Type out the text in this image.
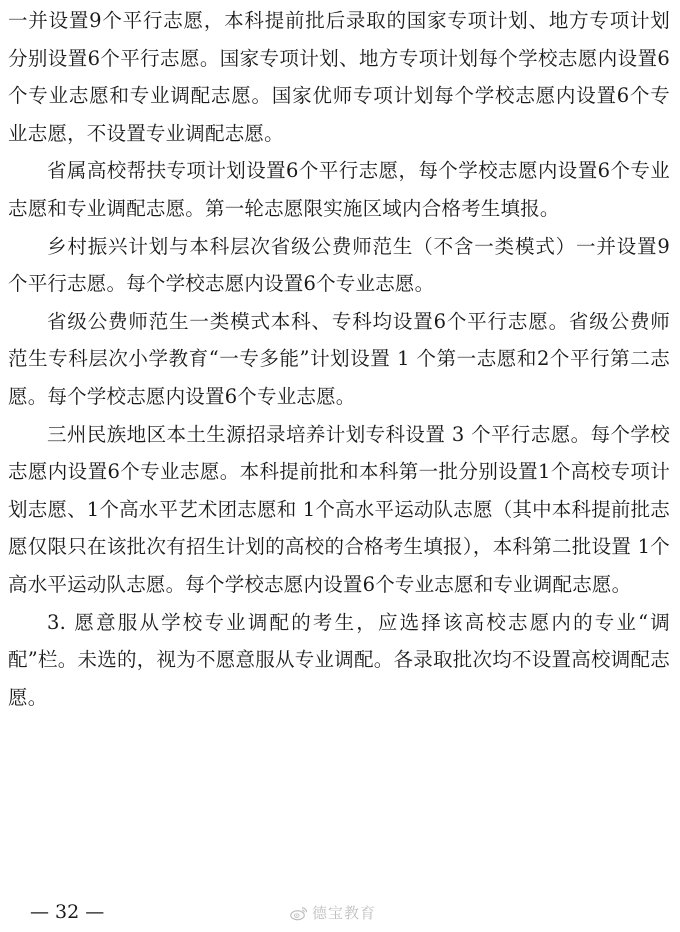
一并设置9个平行志愿，本科提前批后录取的国家专项计划、地方专项计划分别设置6个平行志愿。国家专项计划、地方专项计划每个学校志愿内设置6个专业志愿和专业调配志愿。国家优师专项计划每个学校志愿内设置6个专业志愿，不设置专业调配志愿。

省属高校帮扶专项计划设置6个平行志愿，每个学校志愿内设置6个专业志愿和专业调配志愿。第一轮志愿限实施区域内合格考生填报。

乡村振兴计划与本科层次省级公费师范生（不含一类模式）一并设置9个平行志愿。每个学校志愿内设置6个专业志愿。

省级公费师范生一类模式本科、专科均设置6个平行志愿。省级公费师范生专科层次小学教育“一专多能”计划设置 1 个第一志愿和2个平行第二志愿。每个学校志愿内设置6个专业志愿。

三州民族地区本土生源招录培养计划专科设置 3 个平行志愿。每个学校志愿内设置6个专业志愿。本科提前批和本科第一批分别设置1个高校专项计划志愿、1个高水平艺术团志愿和 1个高水平运动队志愿（其中本科提前批志愿仅限只在该批次有招生计划的高校的合格考生填报），本科第二批设置 1个高水平运动队志愿。每个学校志愿内设置6个专业志愿和专业调配志愿。

3. 愿意服从学校专业调配的考生，应选择该高校志愿内的专业“调配”栏。未选的，视为不愿意服从专业调配。各录取批次均不设置高校调配志愿。

— 32 —	德宝教育
